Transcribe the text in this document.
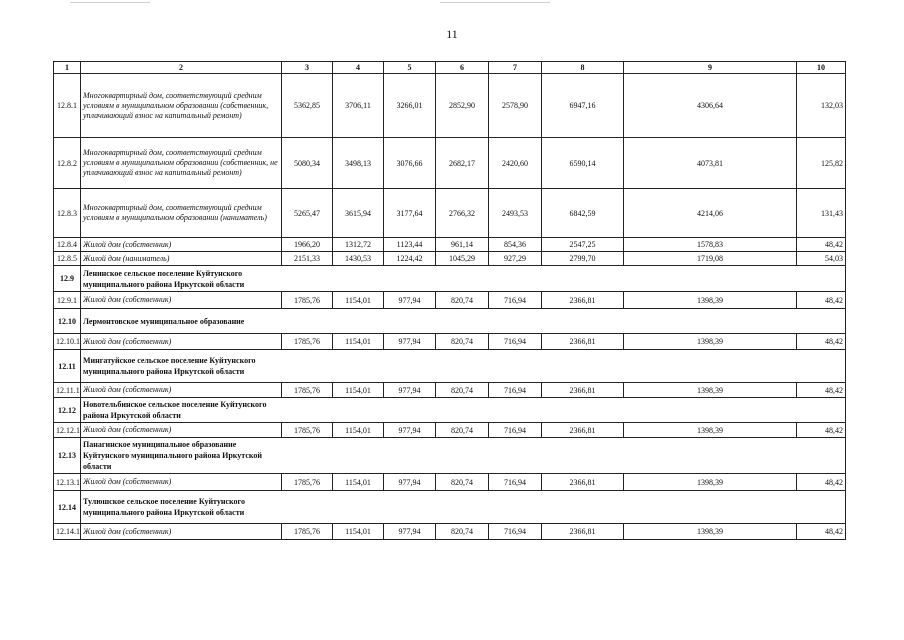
11
1	2	3	4	5	6	7	8	9	10
12.8.1	Многоквартирный дом, соответствующий средним условиям в муниципальном образовании (собственник, уплачивающий взнос на капитальный ремонт)	5362,85	3706,11	3266,01	2852,90	2578,90	6947,16	4306,64	132,03
12.8.2	Многоквартирный дом, соответствующий средним условиям в муниципальном образовании (собственник, не уплачивающий взнос на капитальный ремонт)	5080,34	3498,13	3076,66	2682,17	2420,60	6590,14	4073,81	125,82
12.8.3	Многоквартирный дом, соответствующий средним условиям в муниципальном образовании (наниматель)	5265,47	3615,94	3177,64	2766,32	2493,53	6842,59	4214,06	131,43
12.8.4	Жилой дом (собственник)	1966,20	1312,72	1123,44	961,14	854,36	2547,25	1578,83	48,42
12.8.5	Жилой дом (наниматель)	2151,33	1430,53	1224,42	1045,29	927,29	2799,70	1719,08	54,03
12.9	Ленинское сельское поселение Куйтунского муниципального района Иркутской области								

12.9.1	Жилой дом (собственник)	1785,76	1154,01	977,94	820,74	716,94	2366,81	1398,39	48,42
12.10	Лермонтовское муниципальное образование								

12.10.1	Жилой дом (собственник)	1785,76	1154,01	977,94	820,74	716,94	2366,81	1398,39	48,42
12.11	Мингатуйское сельское поселение Куйтунского муниципального района Иркутской области								

12.11.1	Жилой дом (собственник)	1785,76	1154,01	977,94	820,74	716,94	2366,81	1398,39	48,42
12.12	Новотельбинское сельское поселение Куйтунского района Иркутской области								

12.12.1	Жилой дом (собственник)	1785,76	1154,01	977,94	820,74	716,94	2366,81	1398,39	48,42
12.13	Панагинское муниципальное образование Куйтунского муниципального района Иркутской области								

12.13.1	Жилой дом (собственник)	1785,76	1154,01	977,94	820,74	716,94	2366,81	1398,39	48,42
12.14	Тулюшское сельское поселение Куйтунского муниципального района Иркутской области								

12.14.1	Жилой дом (собственник)	1785,76	1154,01	977,94	820,74	716,94	2366,81	1398,39	48,42
